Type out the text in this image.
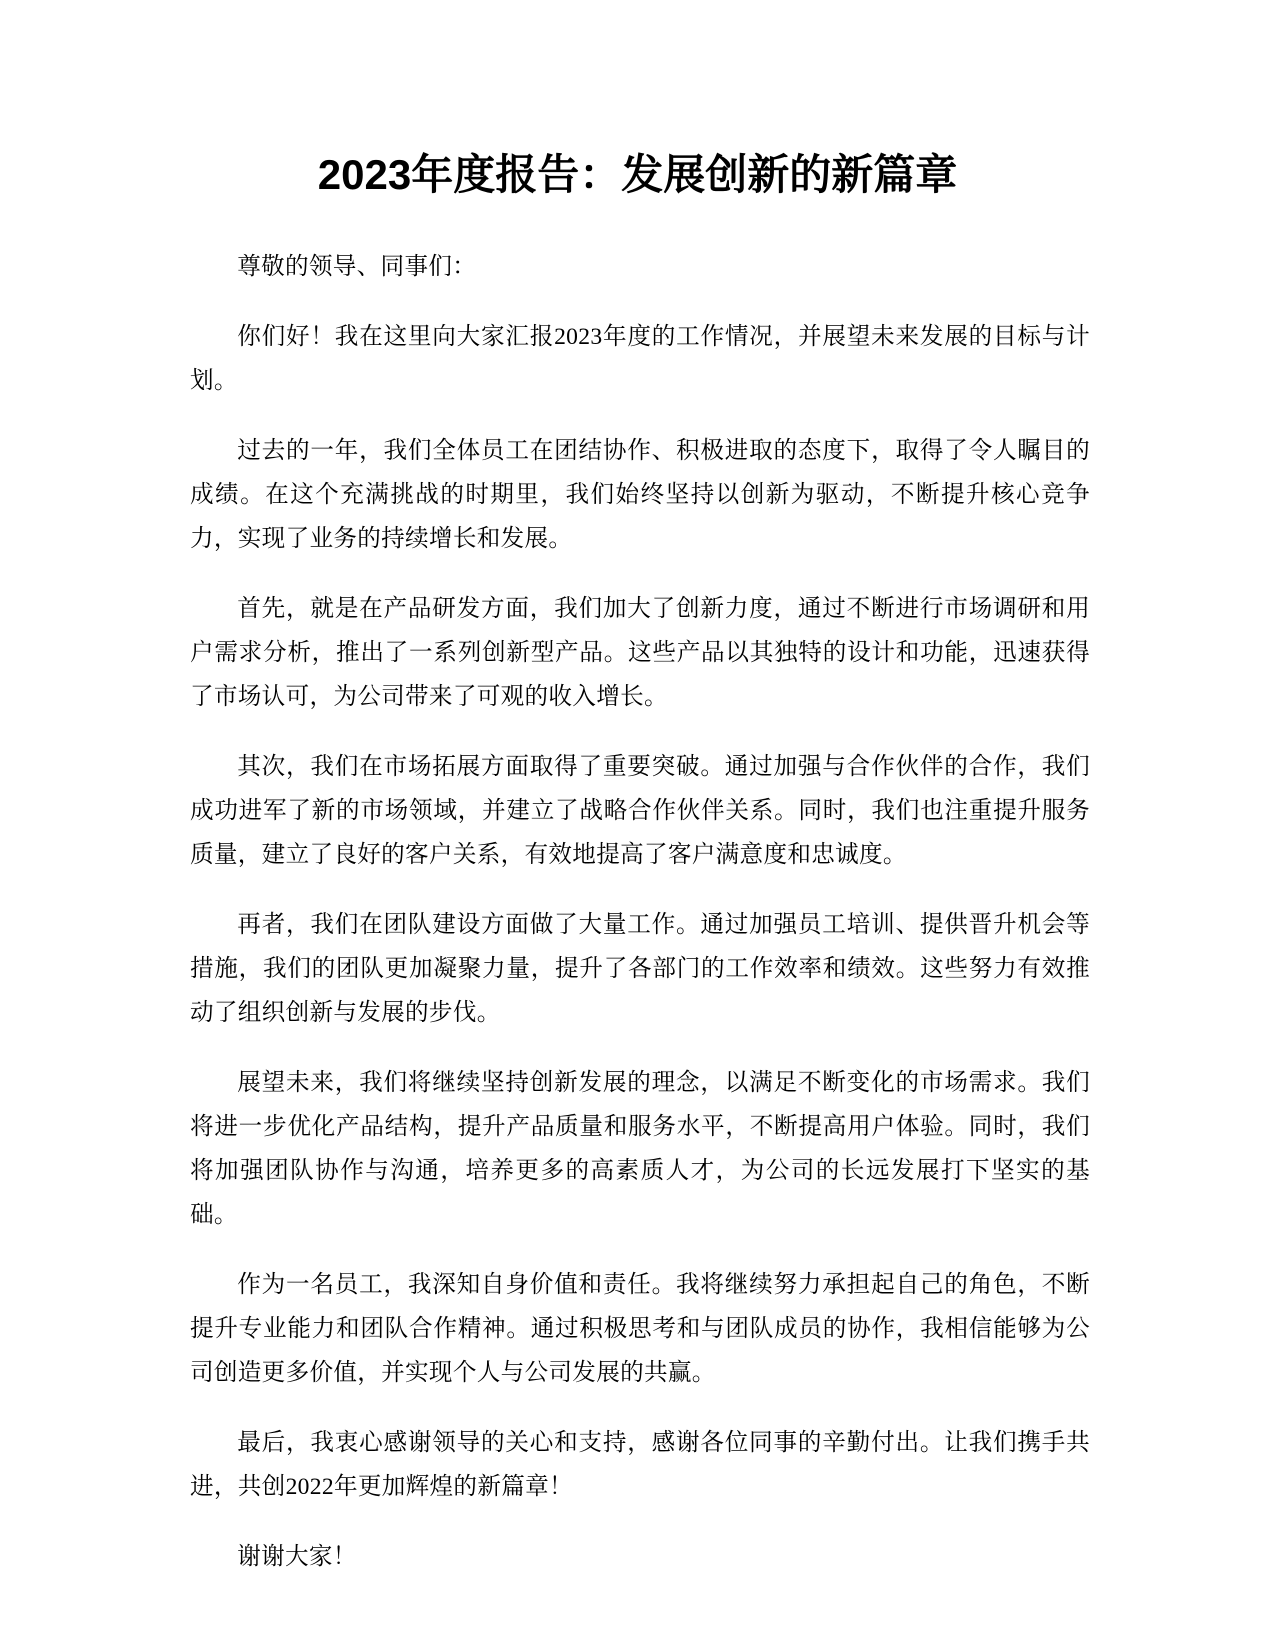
2023年度报告：发展创新的新篇章

尊敬的领导、同事们：

你们好！我在这里向大家汇报2023年度的工作情况，并展望未来发展的目标与计划。

过去的一年，我们全体员工在团结协作、积极进取的态度下，取得了令人瞩目的成绩。在这个充满挑战的时期里，我们始终坚持以创新为驱动，不断提升核心竞争力，实现了业务的持续增长和发展。

首先，就是在产品研发方面，我们加大了创新力度，通过不断进行市场调研和用户需求分析，推出了一系列创新型产品。这些产品以其独特的设计和功能，迅速获得了市场认可，为公司带来了可观的收入增长。

其次，我们在市场拓展方面取得了重要突破。通过加强与合作伙伴的合作，我们成功进军了新的市场领域，并建立了战略合作伙伴关系。同时，我们也注重提升服务质量，建立了良好的客户关系，有效地提高了客户满意度和忠诚度。

再者，我们在团队建设方面做了大量工作。通过加强员工培训、提供晋升机会等措施，我们的团队更加凝聚力量，提升了各部门的工作效率和绩效。这些努力有效推动了组织创新与发展的步伐。

展望未来，我们将继续坚持创新发展的理念，以满足不断变化的市场需求。我们将进一步优化产品结构，提升产品质量和服务水平，不断提高用户体验。同时，我们将加强团队协作与沟通，培养更多的高素质人才，为公司的长远发展打下坚实的基础。

作为一名员工，我深知自身价值和责任。我将继续努力承担起自己的角色，不断提升专业能力和团队合作精神。通过积极思考和与团队成员的协作，我相信能够为公司创造更多价值，并实现个人与公司发展的共赢。

最后，我衷心感谢领导的关心和支持，感谢各位同事的辛勤付出。让我们携手共进，共创2022年更加辉煌的新篇章！

谢谢大家！
